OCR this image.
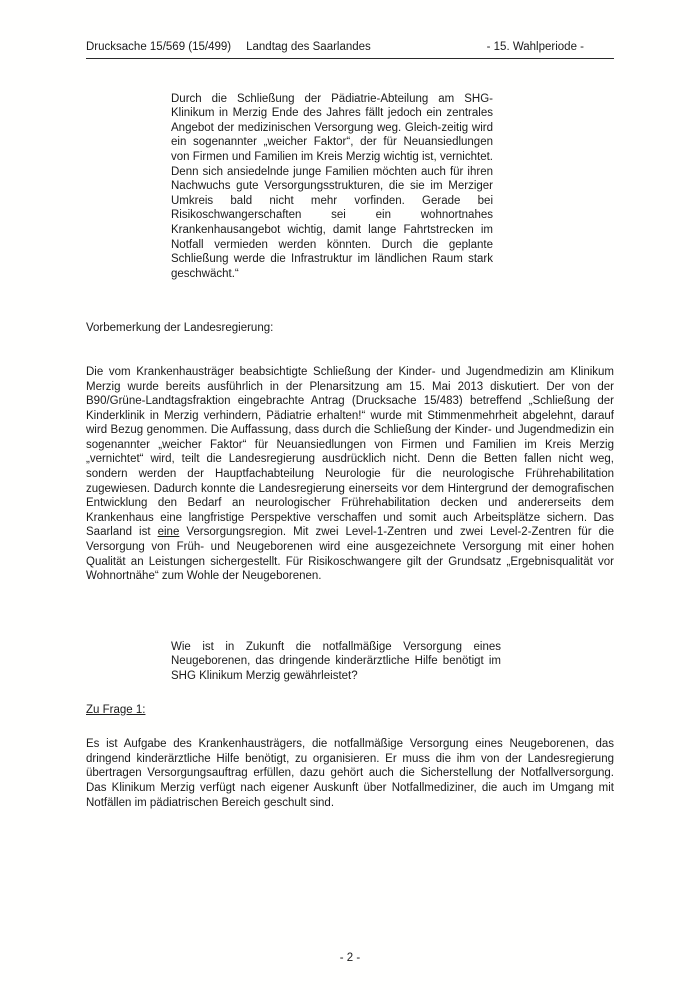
Drucksache 15/569 (15/499) Landtag des Saarlandes	- 15. Wahlperiode -
Durch die Schließung der Pädiatrie-Abteilung am SHG-Klinikum in Merzig Ende des Jahres fällt jedoch ein zentrales Angebot der medizinischen Versorgung weg. Gleich-zeitig wird ein sogenannter „weicher Faktor“, der für Neuansiedlungen von Firmen und Familien im Kreis Merzig wichtig ist, vernichtet. Denn sich ansiedelnde junge Familien möchten auch für ihren Nachwuchs gute Versorgungsstrukturen, die sie im Merziger Umkreis bald nicht mehr vorfinden. Gerade bei Risikoschwangerschaften sei ein wohnortnahes Krankenhausangebot wichtig, damit lange Fahrtstrecken im Notfall vermieden werden könnten. Durch die geplante Schließung werde die Infrastruktur im ländlichen Raum stark geschwächt.“
Vorbemerkung der Landesregierung:

Die vom Krankenhausträger beabsichtigte Schließung der Kinder- und Jugendmedizin am Klinikum Merzig wurde bereits ausführlich in der Plenarsitzung am 15. Mai 2013 diskutiert. Der von der B90/Grüne-Landtagsfraktion eingebrachte Antrag (Drucksache 15/483) betreffend „Schließung der Kinderklinik in Merzig verhindern, Pädiatrie erhalten!“ wurde mit Stimmenmehrheit abgelehnt, darauf wird Bezug genommen. Die Auffassung, dass durch die Schließung der Kinder- und Jugendmedizin ein sogenannter „weicher Faktor“ für Neuansiedlungen von Firmen und Familien im Kreis Merzig „vernichtet“ wird, teilt die Landesregierung ausdrücklich nicht. Denn die Betten fallen nicht weg, sondern werden der Hauptfachabteilung Neurologie für die neurologische Frührehabilitation zugewiesen. Dadurch konnte die Landesregierung einerseits vor dem Hintergrund der demografischen Entwicklung den Bedarf an neurologischer Frührehabilitation decken und andererseits dem Krankenhaus eine langfristige Perspektive verschaffen und somit auch Arbeitsplätze sichern. Das Saarland ist eine Versorgungsregion. Mit zwei Level-1-Zentren und zwei Level-2-Zentren für die Versorgung von Früh- und Neugeborenen wird eine ausgezeichnete Versorgung mit einer hohen Qualität an Leistungen sichergestellt. Für Risikoschwangere gilt der Grundsatz „Ergebnisqualität vor Wohnortnähe“ zum Wohle der Neugeborenen.

Wie ist in Zukunft die notfallmäßige Versorgung eines Neugeborenen, das dringende kinderärztliche Hilfe benötigt im SHG Klinikum Merzig gewährleistet?
Zu Frage 1:

Es ist Aufgabe des Krankenhausträgers, die notfallmäßige Versorgung eines Neugeborenen, das dringend kinderärztliche Hilfe benötigt, zu organisieren. Er muss die ihm von der Landesregierung übertragen Versorgungsauftrag erfüllen, dazu gehört auch die Sicherstellung der Notfallversorgung. Das Klinikum Merzig verfügt nach eigener Auskunft über Notfallmediziner, die auch im Umgang mit Notfällen im pädiatrischen Bereich geschult sind.

- 2 -
